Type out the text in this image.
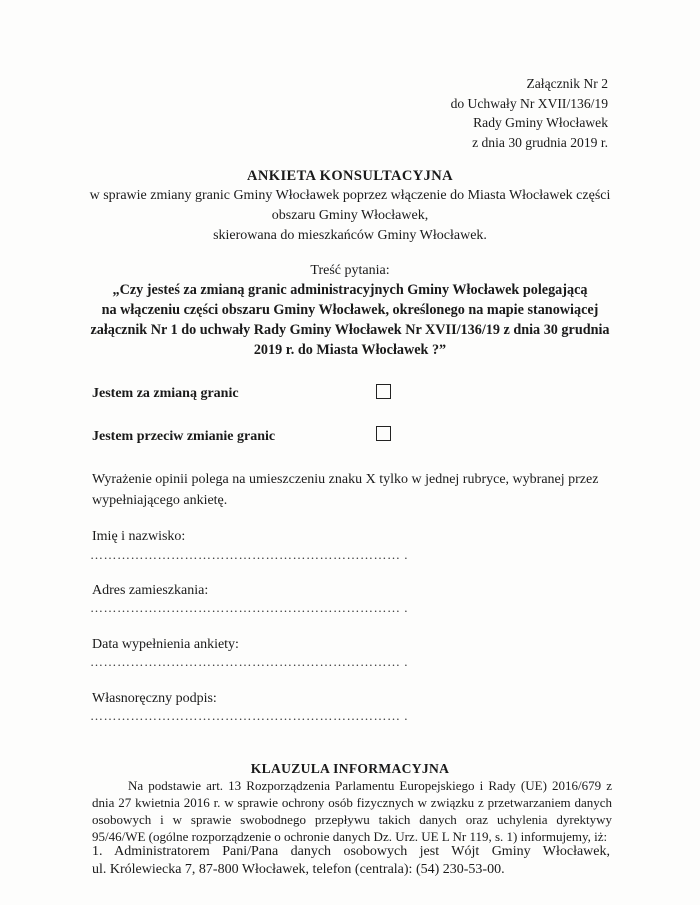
Załącznik Nr 2
do Uchwały Nr XVII/136/19
Rady Gminy Włocławek
z dnia 30 grudnia 2019 r.
ANKIETA KONSULTACYJNA
w sprawie zmiany granic Gminy Włocławek poprzez włączenie do Miasta Włocławek części
obszaru Gminy Włocławek,
skierowana do mieszkańców Gminy Włocławek.
Treść pytania:
„Czy jesteś za zmianą granic administracyjnych Gminy Włocławek polegającą
na włączeniu części obszaru Gminy Włocławek, określonego na mapie stanowiącej
załącznik Nr 1 do uchwały Rady Gminy Włocławek Nr XVII/136/19 z dnia 30 grudnia
2019 r. do Miasta Włocławek ?”
Jestem za zmianą granic
Jestem przeciw zmianie granic
Wyrażenie opinii polega na umieszczeniu znaku X tylko w jednej rubryce, wybranej przez wypełniającego ankietę.
Imię i nazwisko:
…………………………………………………………… .
Adres zamieszkania:
…………………………………………………………… .
Data wypełnienia ankiety:
…………………………………………………………… .
Własnoręczny podpis:
…………………………………………………………… .
KLAUZULA INFORMACYJNA
Na podstawie art. 13 Rozporządzenia Parlamentu Europejskiego i Rady (UE) 2016/679 z dnia 27 kwietnia 2016 r. w sprawie ochrony osób fizycznych w związku z przetwarzaniem danych osobowych i w sprawie swobodnego przepływu takich danych oraz uchylenia dyrektywy 95/46/WE (ogólne rozporządzenie o ochronie danych Dz. Urz. UE L Nr 119, s. 1) informujemy, iż:
1. Administratorem Pani/Pana danych osobowych jest Wójt Gminy Włocławek,
ul. Królewiecka 7, 87-800 Włocławek, telefon (centrala): (54) 230-53-00.
